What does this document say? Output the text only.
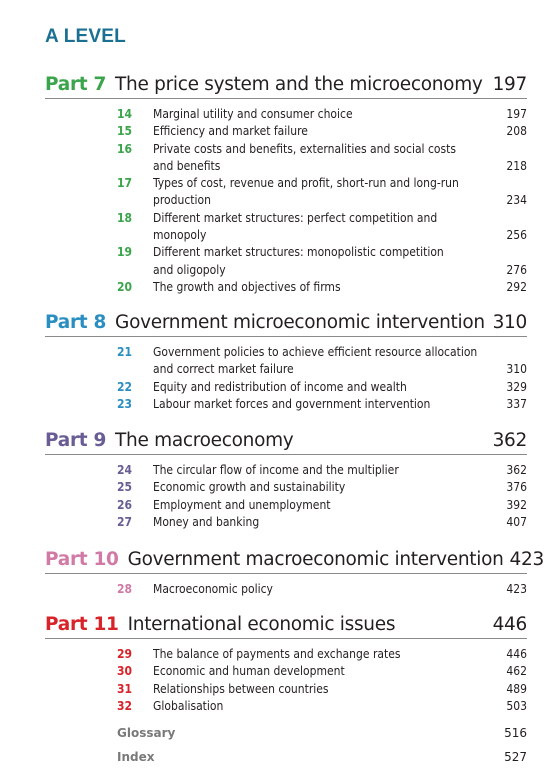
A LEVEL
Part 7 The price system and the microeconomy 197
14	Marginal utility and consumer choice	197
15	Efficiency and market failure	208
16	Private costs and benefits, externalities and social costs and benefits	218
17	Types of cost, revenue and profit, short-run and long-run production	234
18	Different market structures: perfect competition and monopoly	256
19	Different market structures: monopolistic competition and oligopoly	276
20	The growth and objectives of firms	292
Part 8 Government microeconomic intervention 310
21	Government policies to achieve efficient resource allocation and correct market failure	310
22	Equity and redistribution of income and wealth	329
23	Labour market forces and government intervention	337
Part 9 The macroeconomy	362
24	The circular flow of income and the multiplier	362
25	Economic growth and sustainability	376
26	Employment and unemployment	392
27	Money and banking	407
Part 10 Government macroeconomic intervention 423
28	Macroeconomic policy	423
Part 11 International economic issues	446
29	The balance of payments and exchange rates	446
30	Economic and human development	462
31	Relationships between countries	489
32	Globalisation	503
Glossary	516
Index	527
